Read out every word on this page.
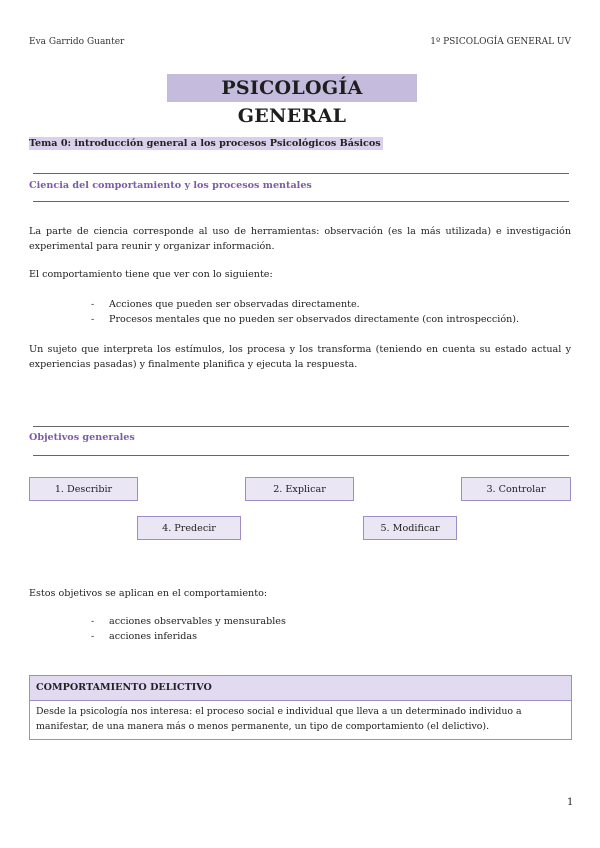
Eva Garrido Guanter	1º PSICOLOGÍA GENERAL UV
PSICOLOGÍA GENERAL
Tema 0: introducción general a los procesos Psicológicos Básicos
Ciencia del comportamiento y los procesos mentales
La parte de ciencia corresponde al uso de herramientas: observación (es la más utilizada) e investigación experimental para reunir y organizar información.
El comportamiento tiene que ver con lo siguiente:
- Acciones que pueden ser observadas directamente.
- Procesos mentales que no pueden ser observados directamente (con introspección).
Un sujeto que interpreta los estímulos, los procesa y los transforma (teniendo en cuenta su estado actual y experiencias pasadas) y finalmente planifica y ejecuta la respuesta.
Objetivos generales
1. Describir	2. Explicar	3. Controlar
4. Predecir	5. Modificar
Estos objetivos se aplican en el comportamiento:
- acciones observables y mensurables
- acciones inferidas
COMPORTAMIENTO DELICTIVO
Desde la psicología nos interesa: el proceso social e individual que lleva a un determinado individuo a manifestar, de una manera más o menos permanente, un tipo de comportamiento (el delictivo).
1
